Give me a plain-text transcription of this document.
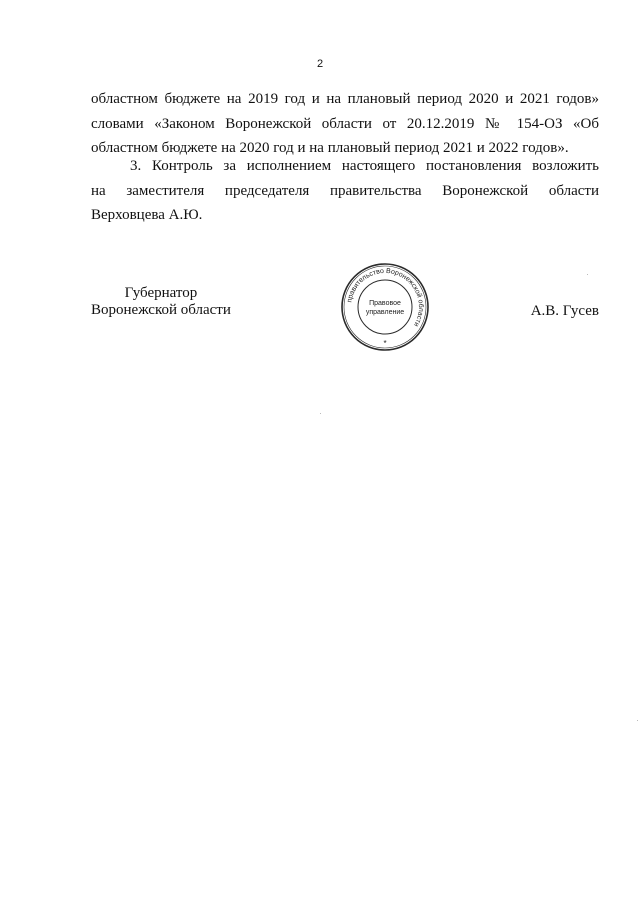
2
областном бюджете на 2019 год и на плановый период 2020 и 2021 годов»
словами «Законом Воронежской области от 20.12.2019 № 154-ОЗ «Об
областном бюджете на 2020 год и на плановый период 2021 и 2022 годов».
3. Контроль за исполнением настоящего постановления возложить
на заместителя председателя правительства Воронежской области
Верховцева А.Ю.
Губернатор
Воронежской области
правительство Воронежской области
Правовое
управление
*
А.В. Гусев
